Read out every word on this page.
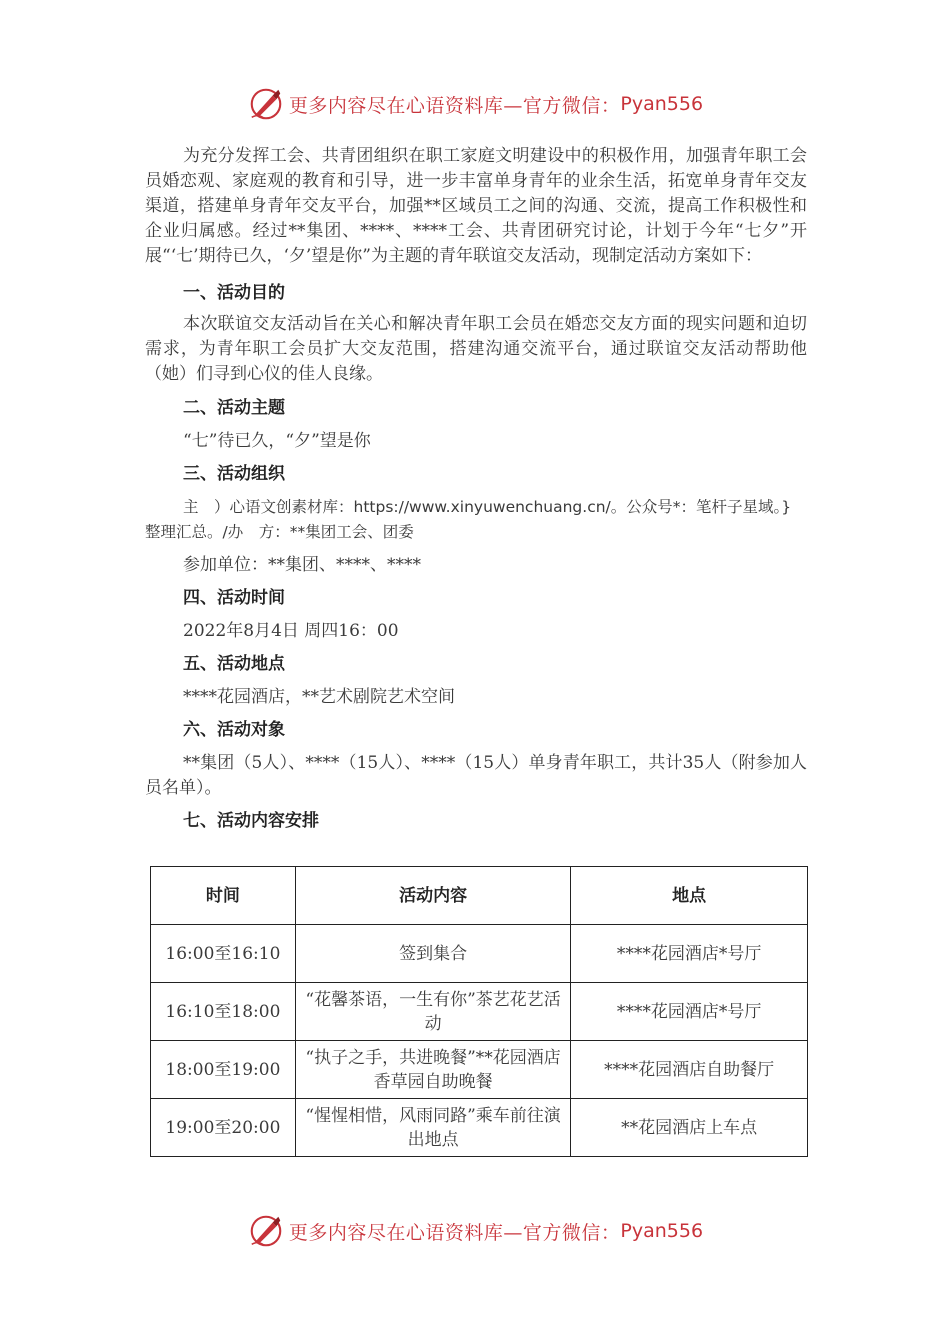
更多内容尽在心语资料库—官方微信： Pyan556

为充分发挥工会、共青团组织在职工家庭文明建设中的积极作用，加强青年职工会员婚恋观、家庭观的教育和引导，进一步丰富单身青年的业余生活，拓宽单身青年交友渠道，搭建单身青年交友平台，加强**区域员工之间的沟通、交流，提高工作积极性和企业归属感。经过**集团、****、****工会、共青团研究讨论，计划于今年“七夕”开展“‘七’期待已久，‘夕’望是你”为主题的青年联谊交友活动，现制定活动方案如下：

一、活动目的

本次联谊交友活动旨在关心和解决青年职工会员在婚恋交友方面的现实问题和迫切需求，为青年职工会员扩大交友范围，搭建沟通交流平台，通过联谊交友活动帮助他（她）们寻到心仪的佳人良缘。

二、活动主题

“七”待已久，“夕”望是你

三、活动组织

主　）心语文创素材库：https://www.xinyuwenchuang.cn/。公众号*：笔杆子星域。}

整理汇总。/办　方：**集团工会、团委

参加单位：**集团、****、****

四、活动时间

2022年8月4日 周四16：00

五、活动地点

****花园酒店，**艺术剧院艺术空间

六、活动对象

**集团（5人）、****（15人）、****（15人）单身青年职工，共计35人（附参加人员名单）。

七、活动内容安排

时间	活动内容	地点
16:00至16:10	签到集合	****花园酒店*号厅
16:10至18:00	“花馨茶语，一生有你”茶艺花艺活动	****花园酒店*号厅
18:00至19:00	“执子之手，共进晚餐”**花园酒店香草园自助晚餐	****花园酒店自助餐厅
19:00至20:00	“惺惺相惜，风雨同路”乘车前往演出地点	**花园酒店上车点
更多内容尽在心语资料库—官方微信： Pyan556
